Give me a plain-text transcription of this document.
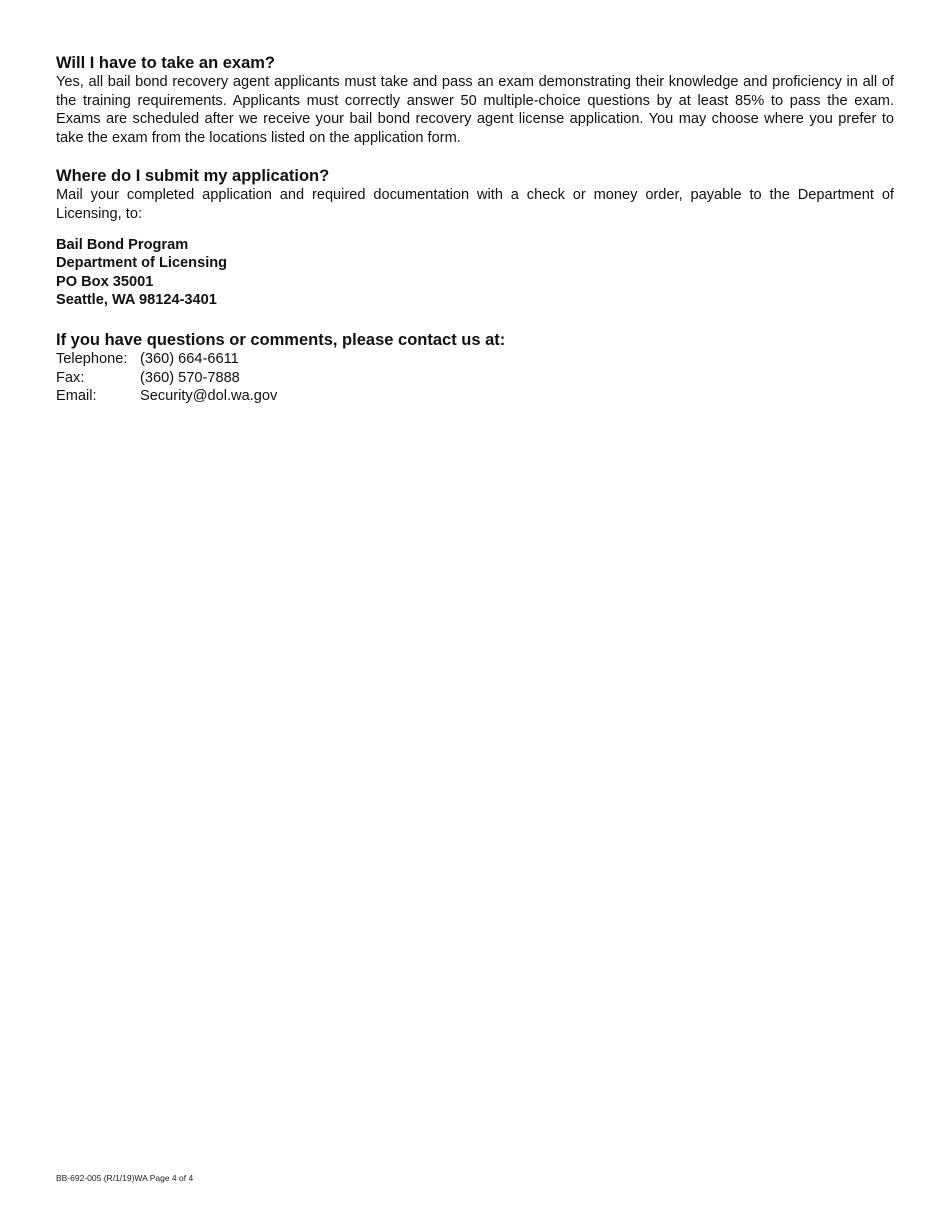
Will I have to take an exam?

Yes, all bail bond recovery agent applicants must take and pass an exam demonstrating their knowledge and proficiency in all of the training requirements. Applicants must correctly answer 50 multiple-choice questions by at least 85% to pass the exam. Exams are scheduled after we receive your bail bond recovery agent license application. You may choose where you prefer to take the exam from the locations listed on the application form.

Where do I submit my application?

Mail your completed application and required documentation with a check or money order, payable to the Department of Licensing, to:

Bail Bond Program
Department of Licensing
PO Box 35001
Seattle, WA 98124-3401
If you have questions or comments, please contact us at:
Telephone: (360) 664-6611
Fax:	(360) 570-7888
Email:	Security@dol.wa.gov
BB-692-005 (R/1/19)WA Page 4 of 4
